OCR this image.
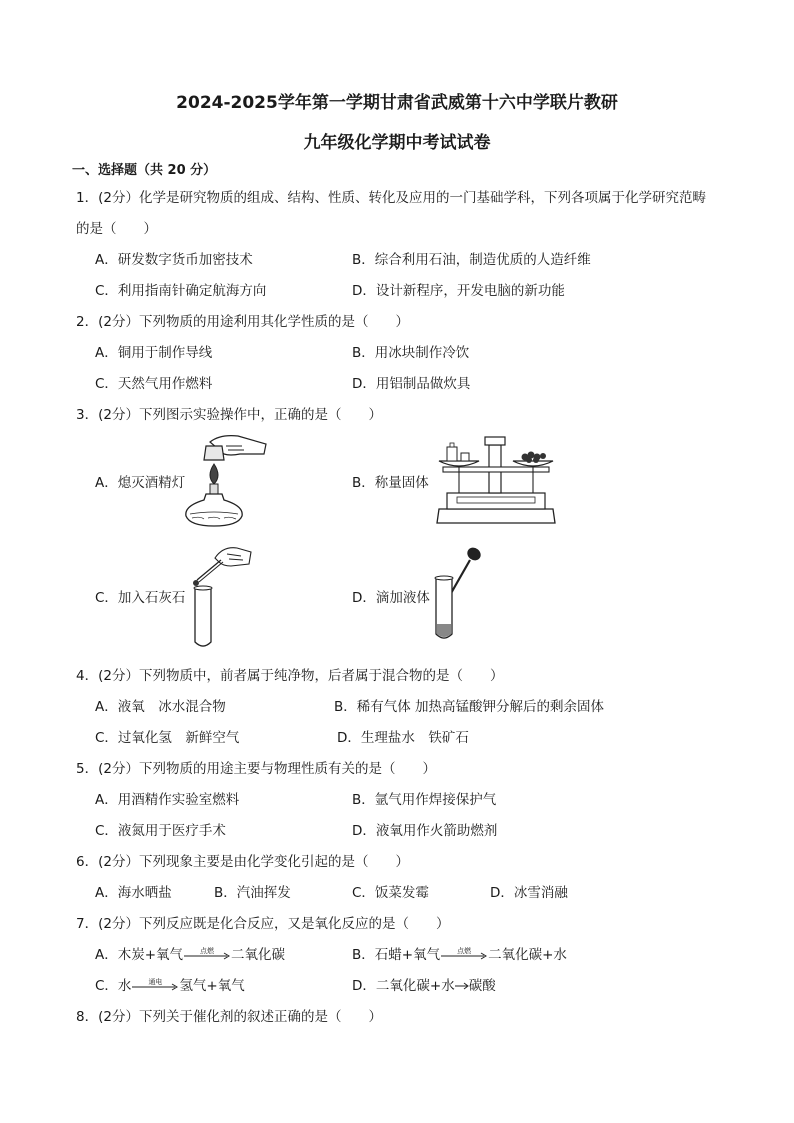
2024-2025学年第一学期甘肃省武威第十六中学联片教研
九年级化学期中考试试卷
一、选择题（共 20 分）
1．(2分）化学是研究物质的组成、结构、性质、转化及应用的一门基础学科，下列各项属于化学研究范畴
的是（　　）
A．研发数字货币加密技术	B．综合利用石油，制造优质的人造纤维
C．利用指南针确定航海方向	D．设计新程序，开发电脑的新功能
2．(2分）下列物质的用途利用其化学性质的是（　　）
A．铜用于制作导线	B．用冰块制作冷饮
C．天然气用作燃料	D．用铝制品做炊具
3．(2分）下列图示实验操作中，正确的是（　　）
A．熄灭酒精灯	B．称量固体
C．加入石灰石	D．滴加液体
4．(2分）下列物质中，前者属于纯净物，后者属于混合物的是（　　）
A．液氧　冰水混合物	B．稀有气体 加热高锰酸钾分解后的剩余固体
C．过氧化氢　新鲜空气	D．生理盐水　铁矿石
5．(2分）下列物质的用途主要与物理性质有关的是（　　）
A．用酒精作实验室燃料	B．氩气用作焊接保护气
C．液氮用于医疗手术	D．液氧用作火箭助燃剂
6．(2分）下列现象主要是由化学变化引起的是（　　）
A．海水晒盐	B．汽油挥发	C．饭菜发霉	D．冰雪消融
7．(2分）下列反应既是化合反应，又是氧化反应的是（　　）
A．木炭+氧气	点燃	二氧化碳	B．石蜡+氧气	点燃	二氧化碳+水
C．水	通电	氢气+氧气	D．二氧化碳+水 碳酸
8．(2分）下列关于催化剂的叙述正确的是（　　）
